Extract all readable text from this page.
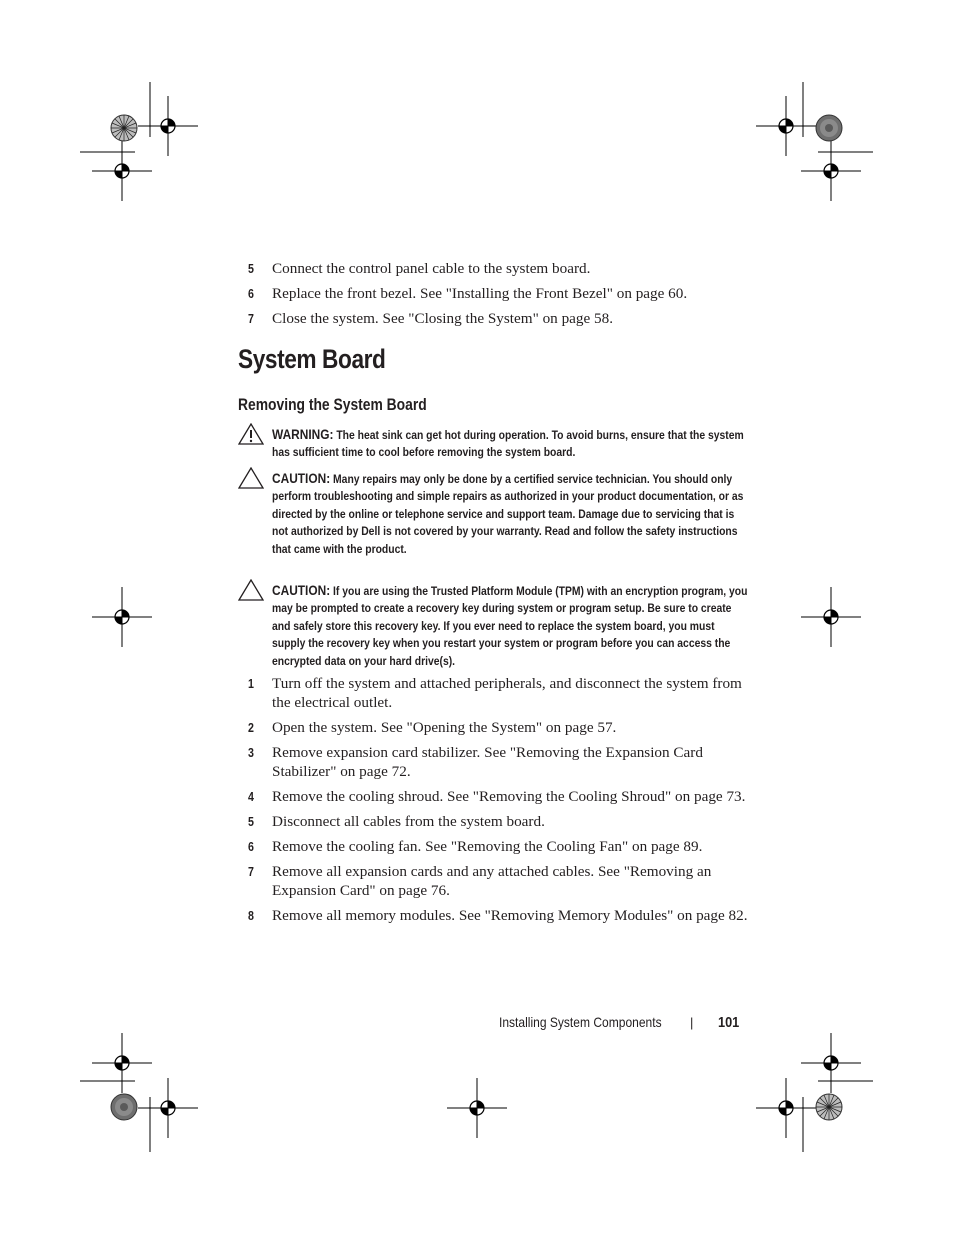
5 Connect the control panel cable to the system board.
6 Replace the front bezel. See "Installing the Front Bezel" on page 60.
7 Close the system. See "Closing the System" on page 58.
System Board
Removing the System Board
WARNING: The heat sink can get hot during operation. To avoid burns, ensure that the system has sufficient time to cool before removing the system board.
CAUTION: Many repairs may only be done by a certified service technician. You should only perform troubleshooting and simple repairs as authorized in your product documentation, or as directed by the online or telephone service and support team. Damage due to servicing that is not authorized by Dell is not covered by your warranty. Read and follow the safety instructions that came with the product.
CAUTION: If you are using the Trusted Platform Module (TPM) with an encryption program, you may be prompted to create a recovery key during system or program setup. Be sure to create and safely store this recovery key. If you ever need to replace the system board, you must supply the recovery key when you restart your system or program before you can access the encrypted data on your hard drive(s).
1 Turn off the system and attached peripherals, and disconnect the system from the electrical outlet.
2 Open the system. See "Opening the System" on page 57.
3 Remove expansion card stabilizer. See "Removing the Expansion Card Stabilizer" on page 72.
4 Remove the cooling shroud. See "Removing the Cooling Shroud" on page 73.
5 Disconnect all cables from the system board.
6 Remove the cooling fan. See "Removing the Cooling Fan" on page 89.
7 Remove all expansion cards and any attached cables. See "Removing an Expansion Card" on page 76.
8 Remove all memory modules. See "Removing Memory Modules" on page 82.
Installing System Components | 101
